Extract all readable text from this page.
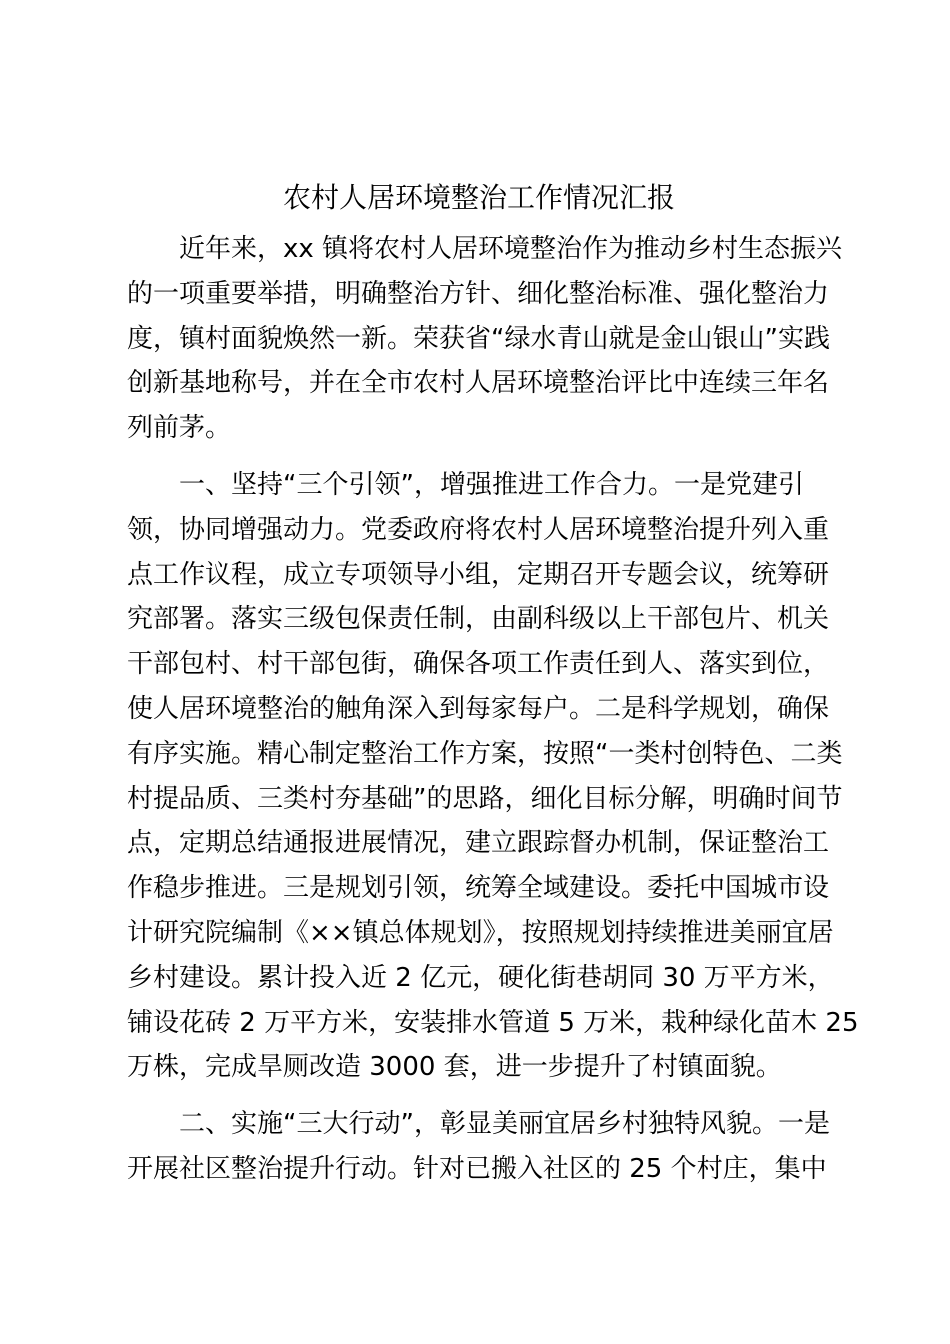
农村人居环境整治工作情况汇报
近年来，xx 镇将农村人居环境整治作为推动乡村生态振兴
的一项重要举措，明确整治方针、细化整治标准、强化整治力
度，镇村面貌焕然一新。荣获省“绿水青山就是金山银山”实践
创新基地称号，并在全市农村人居环境整治评比中连续三年名
列前茅。
一、坚持“三个引领”，增强推进工作合力。一是党建引
领，协同增强动力。党委政府将农村人居环境整治提升列入重
点工作议程，成立专项领导小组，定期召开专题会议，统筹研
究部署。落实三级包保责任制，由副科级以上干部包片、机关
干部包村、村干部包街，确保各项工作责任到人、落实到位，
使人居环境整治的触角深入到每家每户。二是科学规划，确保
有序实施。精心制定整治工作方案，按照“一类村创特色、二类
村提品质、三类村夯基础”的思路，细化目标分解，明确时间节
点，定期总结通报进展情况，建立跟踪督办机制，保证整治工
作稳步推进。三是规划引领，统筹全域建设。委托中国城市设
计研究院编制《××镇总体规划》，按照规划持续推进美丽宜居
乡村建设。累计投入近 2 亿元，硬化街巷胡同 30 万平方米，
铺设花砖 2 万平方米，安装排水管道 5 万米，栽种绿化苗木 25
万株，完成旱厕改造 3000 套，进一步提升了村镇面貌。
二、实施“三大行动”，彰显美丽宜居乡村独特风貌。一是
开展社区整治提升行动。针对已搬入社区的 25 个村庄，集中
